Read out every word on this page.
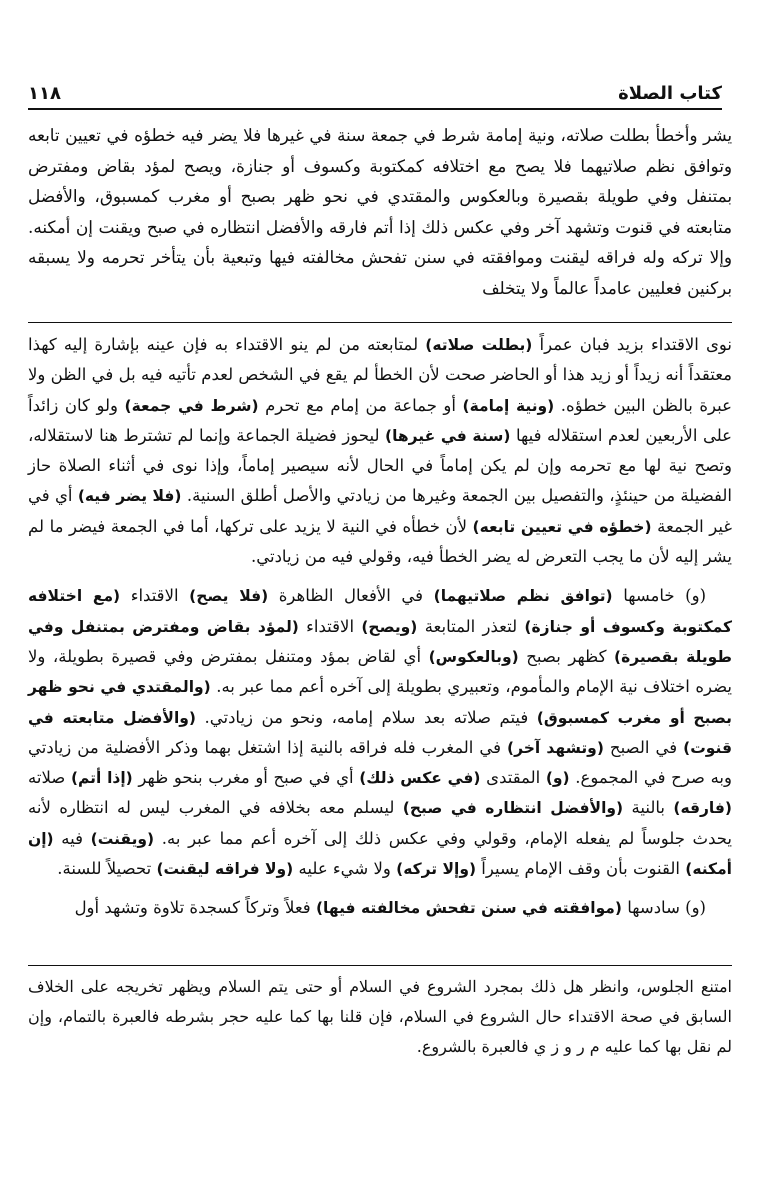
١١٨	كتاب الصلاة

يشر وأخطأ بطلت صلاته، ونية إمامة شرط في جمعة سنة في غيرها فلا يضر فيه خطؤه في تعيين تابعه وتوافق نظم صلاتيهما فلا يصح مع اختلافه كمكتوبة وكسوف أو جنازة، ويصح لمؤد بقاض ومفترض بمتنفل وفي طويلة بقصيرة وبالعكوس والمقتدي في نحو ظهر بصبح أو مغرب كمسبوق، والأفضل متابعته في قنوت وتشهد آخر وفي عكس ذلك إذا أتم فارقه والأفضل انتظاره في صبح ويقنت إن أمكنه. وإلا تركه وله فراقه ليقنت وموافقته في سنن تفحش مخالفته فيها وتبعية بأن يتأخر تحرمه ولا يسبقه بركنين فعليين عامداً عالماً ولا يتخلف

نوى الاقتداء بزيد فبان عمراً (بطلت صلاته) لمتابعته من لم ينو الاقتداء به فإن عينه بإشارة إليه كهذا معتقداً أنه زيداً أو زيد هذا أو الحاضر صحت لأن الخطأ لم يقع في الشخص لعدم تأتيه فيه بل في الظن ولا عبرة بالظن البين خطؤه. (ونية إمامة) أو جماعة من إمام مع تحرم (شرط في جمعة) ولو كان زائداً على الأربعين لعدم استقلاله فيها (سنة في غيرها) ليحوز فضيلة الجماعة وإنما لم تشترط هنا لاستقلاله، وتصح نية لها مع تحرمه وإن لم يكن إماماً في الحال لأنه سيصير إماماً، وإذا نوى في أثناء الصلاة حاز الفضيلة من حينئذٍ، والتفصيل بين الجمعة وغيرها من زيادتي والأصل أطلق السنية. (فلا يضر فيه) أي في غير الجمعة (خطؤه في تعيين تابعه) لأن خطأه في النية لا يزيد على تركها، أما في الجمعة فيضر ما لم يشر إليه لأن ما يجب التعرض له يضر الخطأ فيه، وقولي فيه من زيادتي.

(و) خامسها (توافق نظم صلاتيهما) في الأفعال الظاهرة (فلا يصح) الاقتداء (مع اختلافه كمكتوبة وكسوف أو جنازة) لتعذر المتابعة (ويصح) الاقتداء (لمؤد بقاض ومفترض بمتنفل وفي طويلة بقصيرة) كظهر بصبح (وبالعكوس) أي لقاض بمؤد ومتنفل بمفترض وفي قصيرة بطويلة، ولا يضره اختلاف نية الإمام والمأموم، وتعبيري بطويلة إلى آخره أعم مما عبر به. (والمقتدي في نحو ظهر بصبح أو مغرب كمسبوق) فيتم صلاته بعد سلام إمامه، ونحو من زيادتي. (والأفضل متابعته في قنوت) في الصبح (وتشهد آخر) في المغرب فله فراقه بالنية إذا اشتغل بهما وذكر الأفضلية من زيادتي وبه صرح في المجموع. (و) المقتدى (في عكس ذلك) أي في صبح أو مغرب بنحو ظهر (إذا أتم) صلاته (فارقه) بالنية (والأفضل انتظاره في صبح) ليسلم معه بخلافه في المغرب ليس له انتظاره لأنه يحدث جلوساً لم يفعله الإمام، وقولي وفي عكس ذلك إلى آخره أعم مما عبر به. (ويقنت) فيه (إن أمكنه) القنوت بأن وقف الإمام يسيراً (وإلا تركه) ولا شيء عليه (ولا فراقه ليقنت) تحصيلاً للسنة.

(و) سادسها (موافقته في سنن تفحش مخالفته فيها) فعلاً وتركاً كسجدة تلاوة وتشهد أول

امتنع الجلوس، وانظر هل ذلك بمجرد الشروع في السلام أو حتى يتم السلام ويظهر تخريجه على الخلاف السابق في صحة الاقتداء حال الشروع في السلام، فإن قلنا بها كما عليه حجر بشرطه فالعبرة بالتمام، وإن لم نقل بها كما عليه م ر و ز ي فالعبرة بالشروع.
